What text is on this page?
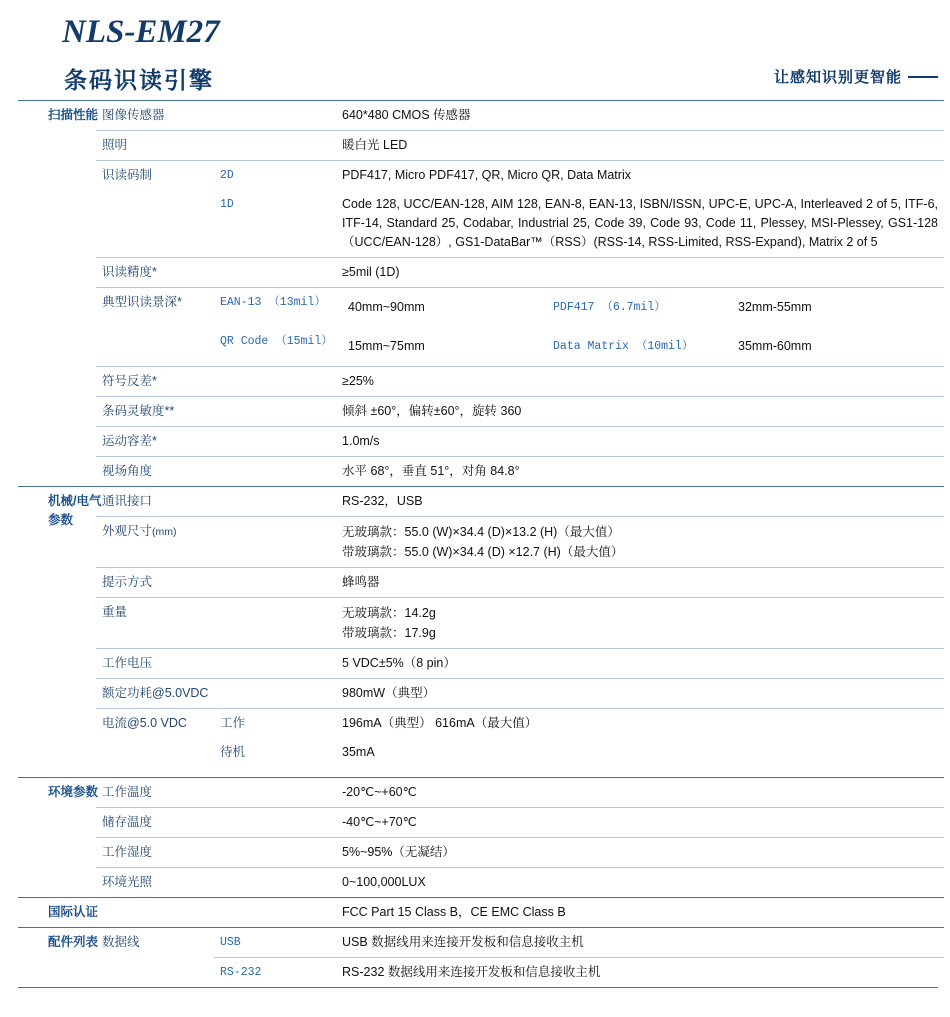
NLS-EM27
条码识读引擎	让感知识别更智能
扫描性能	图像传感器	640*480 CMOS 传感器
照明	暖白光 LED
识读码制	2D	PDF417, Micro PDF417, QR, Micro QR, Data Matrix
1D	Code 128, UCC/EAN-128, AIM 128, EAN-8, EAN-13, ISBN/ISSN, UPC-E, UPC-A, Interleaved 2 of 5, ITF-6, ITF-14, Standard 25, Codabar, Industrial 25, Code 39, Code 93, Code 11, Plessey, MSI-Plessey, GS1-128（UCC/EAN-128）, GS1-DataBar™（RSS）(RSS-14, RSS-Limited, RSS-Expand), Matrix 2 of 5
识读精度*	≥5mil (1D)
典型识读景深*	EAN-13 （13mil）	40mm~90mm	PDF417 （6.7mil）	32mm-55mm

QR Code （15mil）	15mm~75mm	Data Matrix （10mil）	35mm-60mm

符号反差*	≥25%
条码灵敏度**	倾斜 ±60°，偏转±60°，旋转 360
运动容差*	1.0m/s
视场角度	水平 68°，垂直 51°，对角 84.8°
机械/电气
参数
	通讯接口	RS-232，USB
外观尺寸(mm)	无玻璃款：55.0 (W)×34.4 (D)×13.2 (H)（最大值）
带玻璃款：55.0 (W)×34.4 (D) ×12.7 (H)（最大值）

提示方式	蜂鸣器
重量	无玻璃款：14.2g
带玻璃款：17.9g

工作电压	5 VDC±5%（8 pin）
额定功耗@5.0VDC	980mW（典型）
电流@5.0 VDC	工作	196mA（典型） 616mA（最大值）
待机	35mA

环境参数	工作温度	-20℃~+60℃
储存温度	-40℃~+70℃
工作湿度	5%~95%（无凝结）
环境光照	0~100,000LUX
国际认证		FCC Part 15 Class B，CE EMC Class B
配件列表	数据线	USB	USB 数据线用来连接开发板和信息接收主机
RS-232	RS-232 数据线用来连接开发板和信息接收主机
